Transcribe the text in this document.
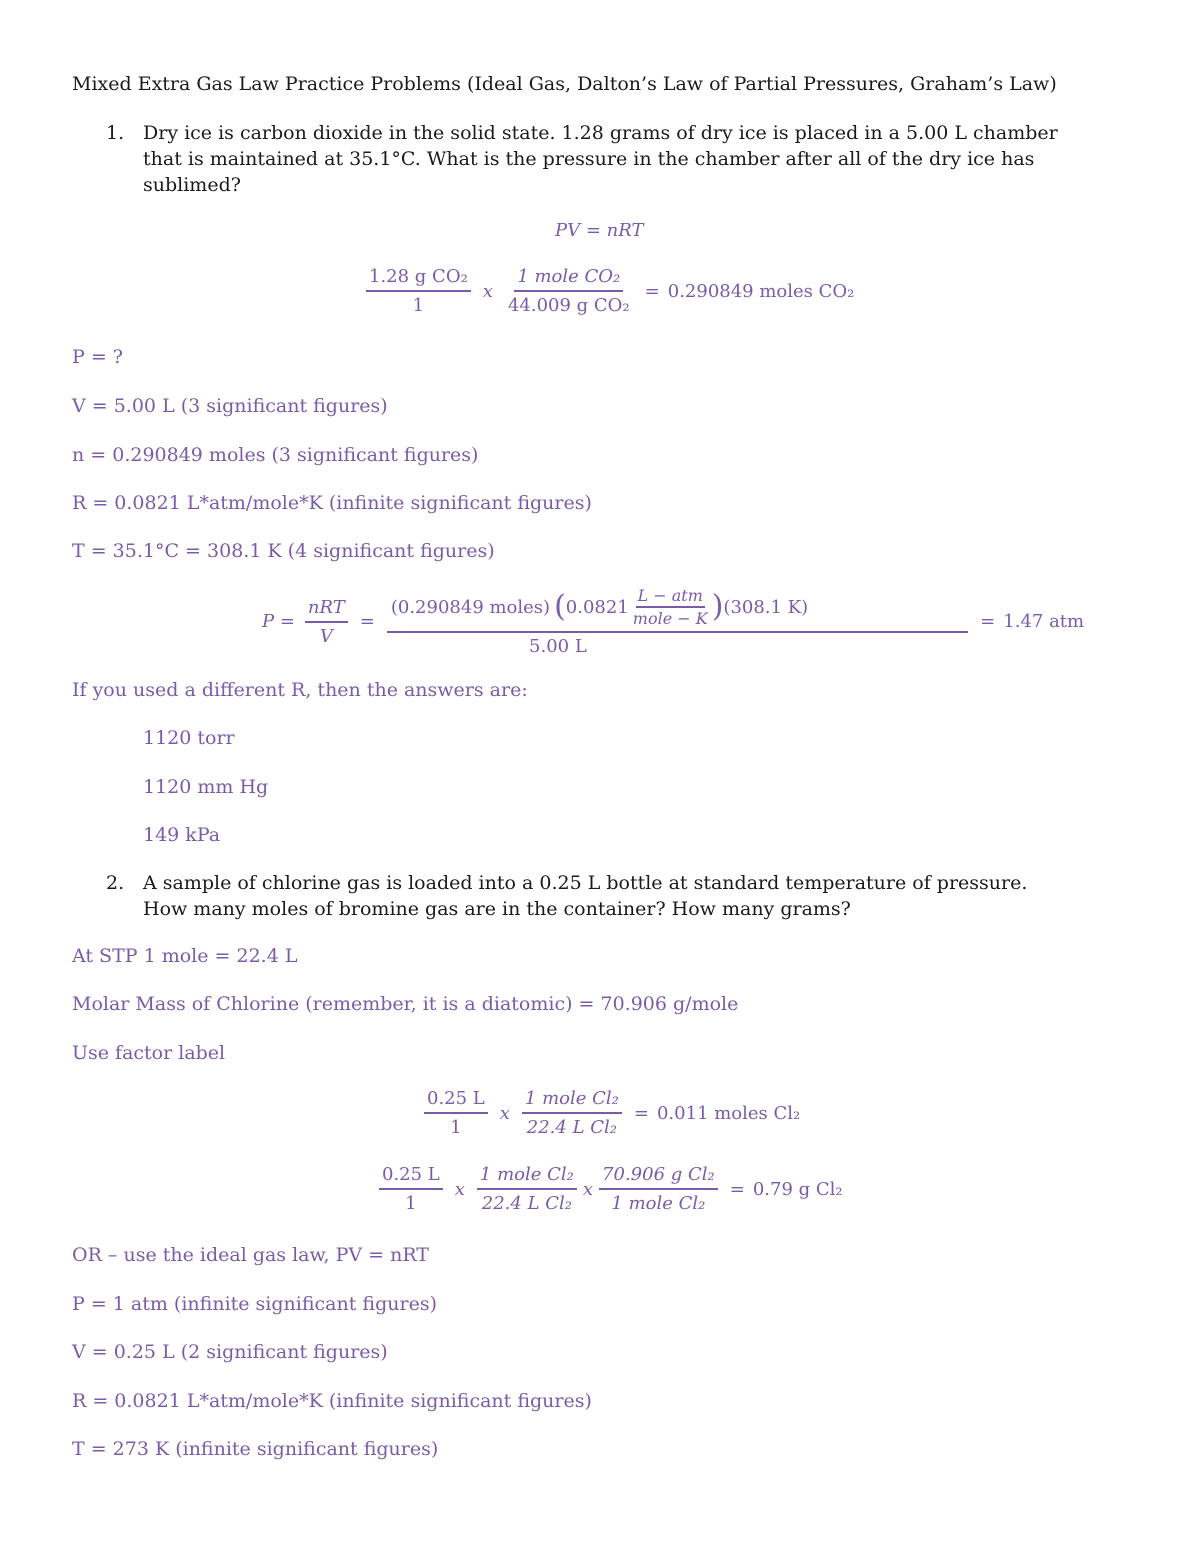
Mixed Extra Gas Law Practice Problems (Ideal Gas, Dalton’s Law of Partial Pressures, Graham’s Law)
1. Dry ice is carbon dioxide in the solid state. 1.28 grams of dry ice is placed in a 5.00 L chamber
that is maintained at 35.1°C. What is the pressure in the chamber after all of the dry ice has
sublimed?
PV = nRT
$\frac{\text{1.28 g CO₂}}{1}$ x $\frac{\text{1 mole CO₂}}{\text{44.009 g CO₂}} = 0.290849$ moles CO₂
P = ?
V = 5.00 L (3 significant figures)
n = 0.290849 moles (3 significant figures)
R = 0.0821 L*atm/mole*K (infinite significant figures)
T = 35.1°C = 308.1 K (4 significant figures)
$P = \frac{\text{nRT}}{V}$ =
(0.290849 moles) ( $0.0821 \frac{\text{L − atm}}{\text{mole − K}}$ ) (308.1 K)
5.00 L
= 1.47 atm
If you used a different R, then the answers are:
1120 torr
1120 mm Hg
149 kPa
2. A sample of chlorine gas is loaded into a 0.25 L bottle at standard temperature of pressure.
How many moles of bromine gas are in the container? How many grams?
At STP 1 mole = 22.4 L
Molar Mass of Chlorine (remember, it is a diatomic) = 70.906 g/mole
Use factor label
$\frac{0.25 L}{1}$ x $\frac{\text{1 mole Cl₂}}{\text{22.4 L Cl₂}} = 0.011$ moles Cl₂
$\frac{0.25 L}{1}$ x $\frac{\text{1 mole Cl₂}}{\text{22.4 L Cl₂}}$ x $\frac{\text{70.906 g Cl₂}}{\text{1 mole Cl₂}} = 0.79$ g Cl₂
OR – use the ideal gas law, PV = nRT
P = 1 atm (infinite significant figures)
V = 0.25 L (2 significant figures)
R = 0.0821 L*atm/mole*K (infinite significant figures)
T = 273 K (infinite significant figures)
